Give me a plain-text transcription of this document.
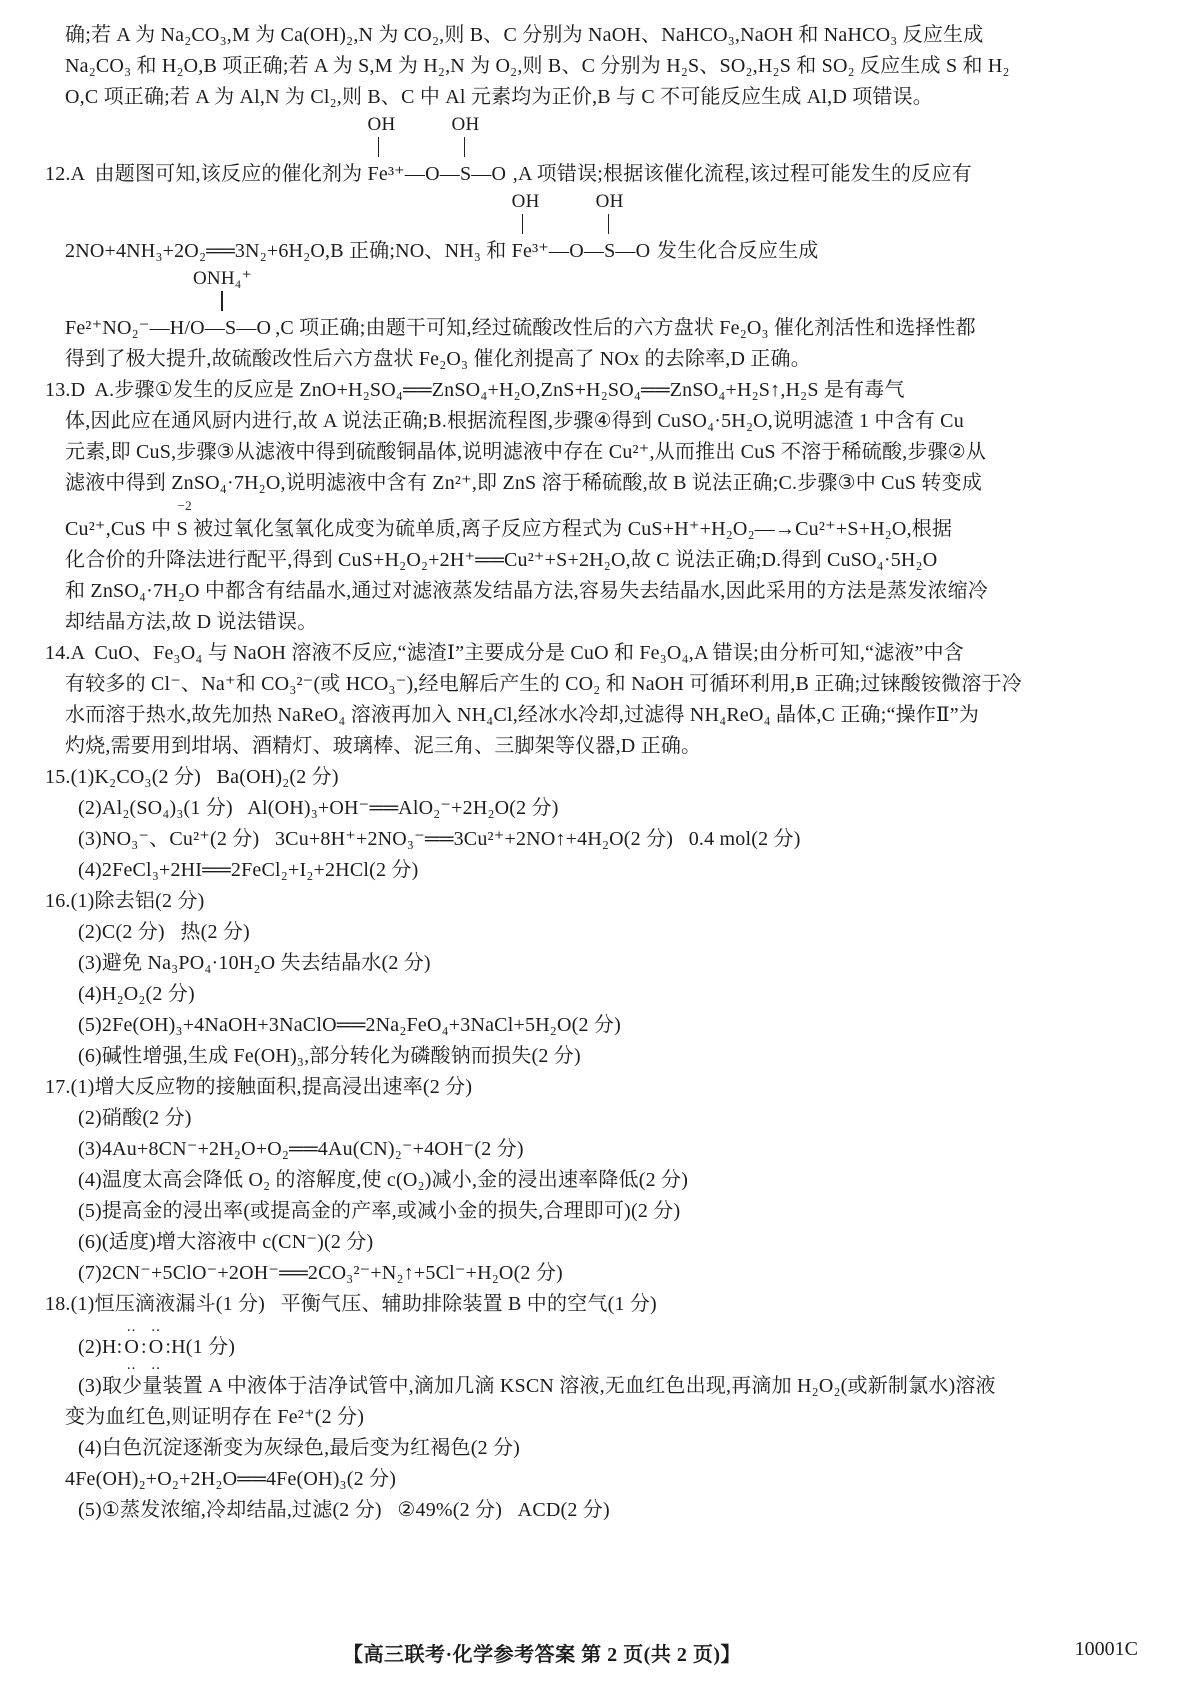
确;若 A 为 Na₂CO₃,M 为 Ca(OH)₂,N 为 CO₂,则 B、C 分别为 NaOH、NaHCO₃,NaOH 和 NaHCO₃ 反应生成
Na₂CO₃ 和 H₂O,B 项正确;若 A 为 S,M 为 H₂,N 为 O₂,则 B、C 分别为 H₂S、SO₂,H₂S 和 SO₂ 反应生成 S 和 H₂
O,C 项正确;若 A 为 Al,N 为 Cl₂,则 B、C 中 Al 元素均为正价,B 与 C 不可能反应生成 Al,D 项错误。
12.A  由题图可知,该反应的催化剂为
OH	OH
Fe³⁺—O—S—O ,A 项错误;根据该催化流程,该过程可能发生的反应有
2NO+4NH₃+2O₂══3N₂+6H₂O,B 正确;NO、NH₃ 和
OH	OH
Fe³⁺—O—S—O 发生化合反应生成
ONH₄⁺
Fe²⁺NO₂⁻—H/O—S—O ,C 项正确;由题干可知,经过硫酸改性后的六方盘状 Fe₂O₃ 催化剂活性和选择性都
得到了极大提升,故硫酸改性后六方盘状 Fe₂O₃ 催化剂提高了 NOx 的去除率,D 正确。
13.D  A.步骤①发生的反应是 ZnO+H₂SO₄══ZnSO₄+H₂O,ZnS+H₂SO₄══ZnSO₄+H₂S↑,H₂S 是有毒气
体,因此应在通风厨内进行,故 A 说法正确;B.根据流程图,步骤④得到 CuSO₄·5H₂O,说明滤渣 1 中含有 Cu
元素,即 CuS,步骤③从滤液中得到硫酸铜晶体,说明滤液中存在 Cu²⁺,从而推出 CuS 不溶于稀硫酸,步骤②从
滤液中得到 ZnSO₄·7H₂O,说明滤液中含有 Zn²⁺,即 ZnS 溶于稀硫酸,故 B 说法正确;C.步骤③中 CuS 转变成
Cu²⁺,CuS 中
−2
S 被过氧化氢氧化成变为硫单质,离子反应方程式为 CuS+H⁺+H₂O₂—→Cu²⁺+S+H₂O,根据
化合价的升降法进行配平,得到 CuS+H₂O₂+2H⁺══Cu²⁺+S+2H₂O,故 C 说法正确;D.得到 CuSO₄·5H₂O
和 ZnSO₄·7H₂O 中都含有结晶水,通过对滤液蒸发结晶方法,容易失去结晶水,因此采用的方法是蒸发浓缩冷
却结晶方法,故 D 说法错误。
14.A  CuO、Fe₃O₄ 与 NaOH 溶液不反应,“滤渣Ⅰ”主要成分是 CuO 和 Fe₃O₄,A 错误;由分析可知,“滤液”中含
有较多的 Cl⁻、Na⁺和 CO₃²⁻(或 HCO₃⁻),经电解后产生的 CO₂ 和 NaOH 可循环利用,B 正确;过铼酸铵微溶于冷
水而溶于热水,故先加热 NaReO₄ 溶液再加入 NH₄Cl,经冰水冷却,过滤得 NH₄ReO₄ 晶体,C 正确;“操作Ⅱ”为
灼烧,需要用到坩埚、酒精灯、玻璃棒、泥三角、三脚架等仪器,D 正确。
15.(1)K₂CO₃(2 分)   Ba(OH)₂(2 分)
(2)Al₂(SO₄)₃(1 分)   Al(OH)₃+OH⁻══AlO₂⁻+2H₂O(2 分)
(3)NO₃⁻、Cu²⁺(2 分)   3Cu+8H⁺+2NO₃⁻══3Cu²⁺+2NO↑+4H₂O(2 分)   0.4 mol(2 分)
(4)2FeCl₃+2HI══2FeCl₂+I₂+2HCl(2 分)
16.(1)除去铝(2 分)
(2)C(2 分)   热(2 分)
(3)避免 Na₃PO₄·10H₂O 失去结晶水(2 分)
(4)H₂O₂(2 分)
(5)2Fe(OH)₃+4NaOH+3NaClO══2Na₂FeO₄+3NaCl+5H₂O(2 分)
(6)碱性增强,生成 Fe(OH)₃,部分转化为磷酸钠而损失(2 分)
17.(1)增大反应物的接触面积,提高浸出速率(2 分)
(2)硝酸(2 分)
(3)4Au+8CN⁻+2H₂O+O₂══4Au(CN)₂⁻+4OH⁻(2 分)
(4)温度太高会降低 O₂ 的溶解度,使 c(O₂)减小,金的浸出速率降低(2 分)
(5)提高金的浸出率(或提高金的产率,或减小金的损失,合理即可)(2 分)
(6)(适度)增大溶液中 c(CN⁻)(2 分)
(7)2CN⁻+5ClO⁻+2OH⁻══2CO₃²⁻+N₂↑+5Cl⁻+H₂O(2 分)
18.(1)恒压滴液漏斗(1 分)   平衡气压、辅助排除装置 B 中的空气(1 分)
(2)H:
..
O
..
:
..
O
..
:H(1 分)
(3)取少量装置 A 中液体于洁净试管中,滴加几滴 KSCN 溶液,无血红色出现,再滴加 H₂O₂(或新制氯水)溶液
变为血红色,则证明存在 Fe²⁺(2 分)
(4)白色沉淀逐渐变为灰绿色,最后变为红褐色(2 分)
4Fe(OH)₂+O₂+2H₂O══4Fe(OH)₃(2 分)
(5)①蒸发浓缩,冷却结晶,过滤(2 分)   ②49%(2 分)   ACD(2 分)
【高三联考·化学参考答案 第 2 页(共 2 页)】	10001C
